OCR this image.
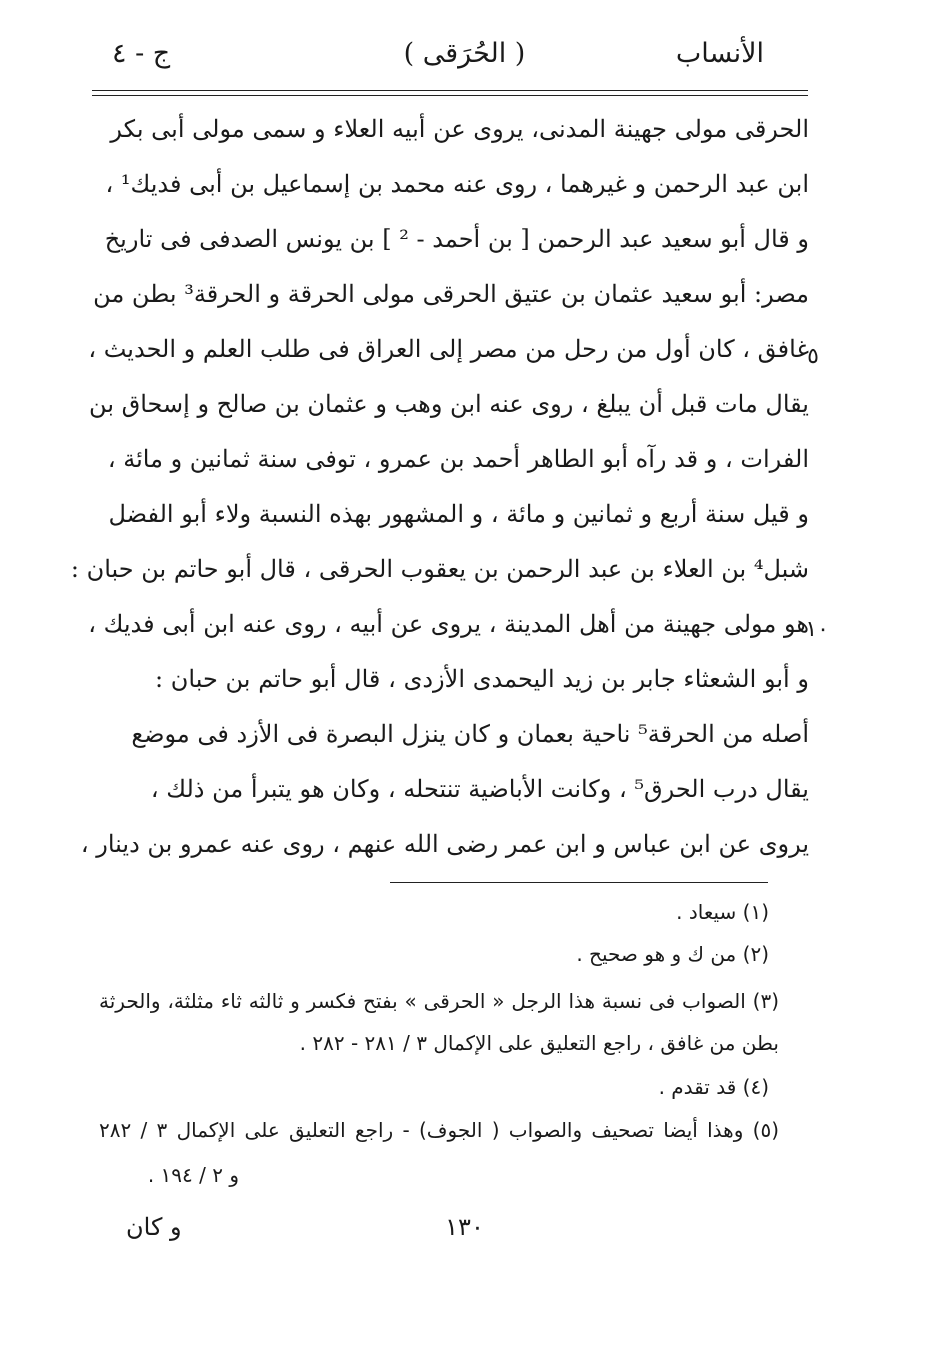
الأنساب
( الحُرَقى )
ج - ٤
الحرقى مولى جهينة المدنى، يروى عن أبيه العلاء و سمى مولى أبى بكر
ابن عبد الرحمن و غيرهما ، روى عنه محمد بن إسماعيل بن أبى فديك¹ ،
و قال أبو سعيد عبد الرحمن [ بن أحمد - ² ] بن يونس الصدفى فى تاريخ
مصر: أبو سعيد عثمان بن عتيق الحرقى مولى الحرقة و الحرقة³ بطن من
غافق ، كان أول من رحل من مصر إلى العراق فى طلب العلم و الحديث ،
يقال مات قبل أن يبلغ ، روى عنه ابن وهب و عثمان بن صالح و إسحاق بن
الفرات ، و قد رآه أبو الطاهر أحمد بن عمرو ، توفى سنة ثمانين و مائة ،
و قيل سنة أربع و ثمانين و مائة ، و المشهور بهذه النسبة ولاء أبو الفضل
شبل⁴ بن العلاء بن عبد الرحمن بن يعقوب الحرقى ، قال أبو حاتم بن حبان :
هو مولى جهينة من أهل المدينة ، يروى عن أبيه ، روى عنه ابن أبى فديك ،
و أبو الشعثاء جابر بن زيد اليحمدى الأزدى ، قال أبو حاتم بن حبان :
أصله من الحرقة⁵ ناحية بعمان و كان ينزل البصرة فى الأزد فى موضع
يقال درب الحرق⁵ ، وكانت الأباضية تنتحله ، وكان هو يتبرأ من ذلك ،
يروى عن ابن عباس و ابن عمر رضى الله عنهم ، روى عنه عمرو بن دينار ،
٥
١٠
(١) سيعاد .
(٢) من ك و هو صحيح .
(٣) الصواب فى نسبة هذا الرجل « الحرقى » بفتح فكسر و ثالثه ثاء مثلثة، والحرثة
بطن من غافق ، راجع التعليق على الإكمال ٣ / ٢٨١ - ٢٨٢ .
(٤) قد تقدم .
(٥) وهذا أيضا تصحيف والصواب ( الجوف) - راجع التعليق على الإكمال ٣ / ٢٨٢
و ٢ / ١٩٤ .
١٣٠
و كان
